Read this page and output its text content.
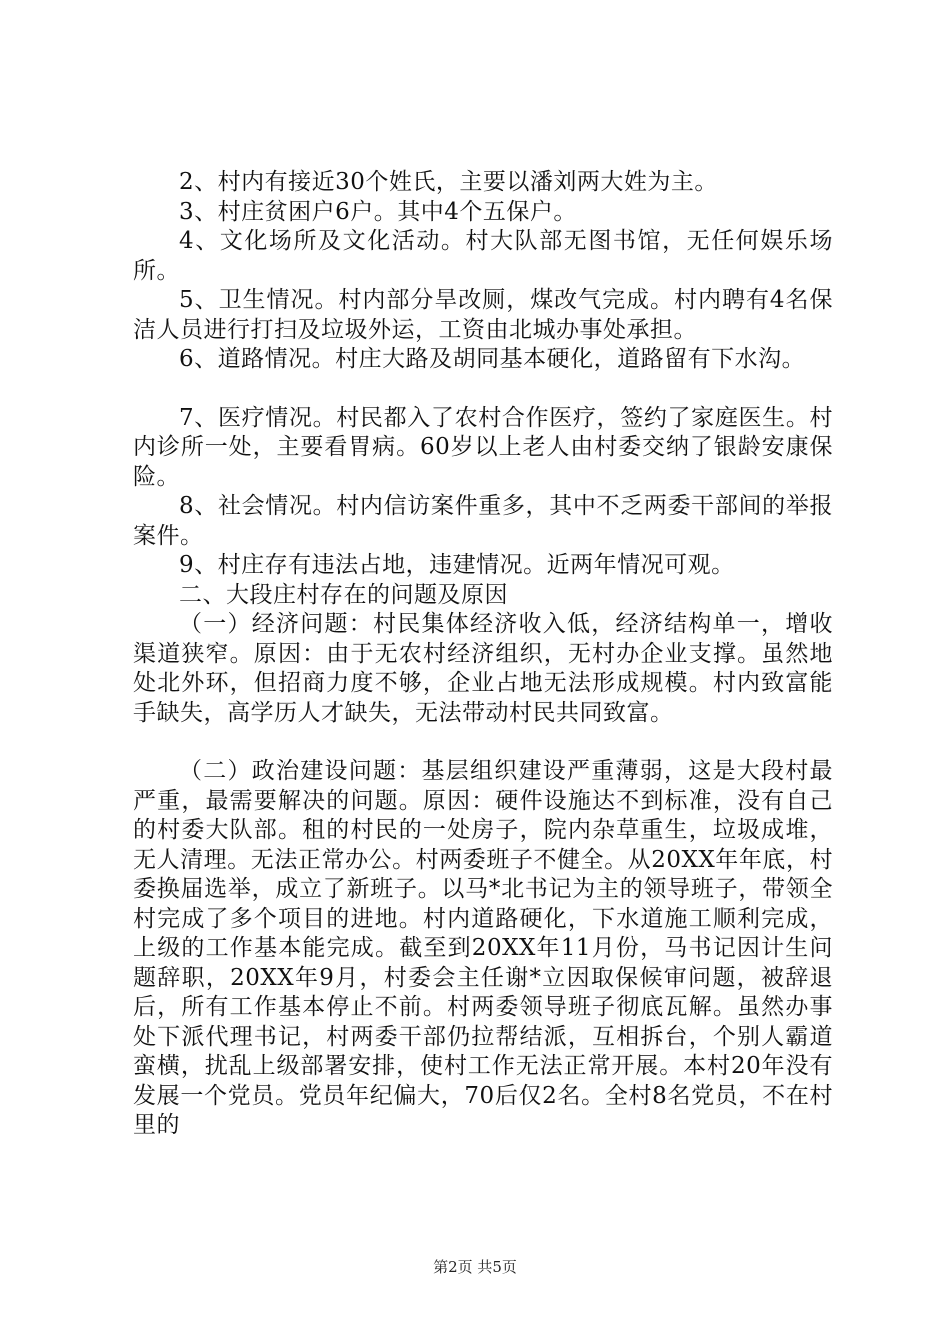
2、村内有接近30个姓氏，主要以潘刘两大姓为主。

3、村庄贫困户6户。其中4个五保户。

4、文化场所及文化活动。村大队部无图书馆，无任何娱乐场所。

5、卫生情况。村内部分旱改厕，煤改气完成。村内聘有4名保洁人员进行打扫及垃圾外运，工资由北城办事处承担。

6、道路情况。村庄大路及胡同基本硬化，道路留有下水沟。

7、医疗情况。村民都入了农村合作医疗，签约了家庭医生。村内诊所一处，主要看胃病。60岁以上老人由村委交纳了银龄安康保险。

8、社会情况。村内信访案件重多，其中不乏两委干部间的举报案件。

9、村庄存有违法占地，违建情况。近两年情况可观。

二、大段庄村存在的问题及原因

（一）经济问题：村民集体经济收入低，经济结构单一，增收渠道狭窄。原因：由于无农村经济组织，无村办企业支撑。虽然地处北外环，但招商力度不够，企业占地无法形成规模。村内致富能手缺失，高学历人才缺失，无法带动村民共同致富。

（二）政治建设问题：基层组织建设严重薄弱，这是大段村最严重，最需要解决的问题。原因：硬件设施达不到标准，没有自己的村委大队部。租的村民的一处房子，院内杂草重生，垃圾成堆，无人清理。无法正常办公。村两委班子不健全。从20XX年年底，村委换届选举，成立了新班子。以马*北书记为主的领导班子，带领全村完成了多个项目的进地。村内道路硬化，下水道施工顺利完成，上级的工作基本能完成。截至到20XX年11月份，马书记因计生问题辞职，20XX年9月，村委会主任谢*立因取保候审问题，被辞退后，所有工作基本停止不前。村两委领导班子彻底瓦解。虽然办事处下派代理书记，村两委干部仍拉帮结派，互相拆台，个别人霸道蛮横，扰乱上级部署安排，使村工作无法正常开展。本村20年没有发展一个党员。党员年纪偏大，70后仅2名。全村8名党员，不在村里的

第2页 共5页
